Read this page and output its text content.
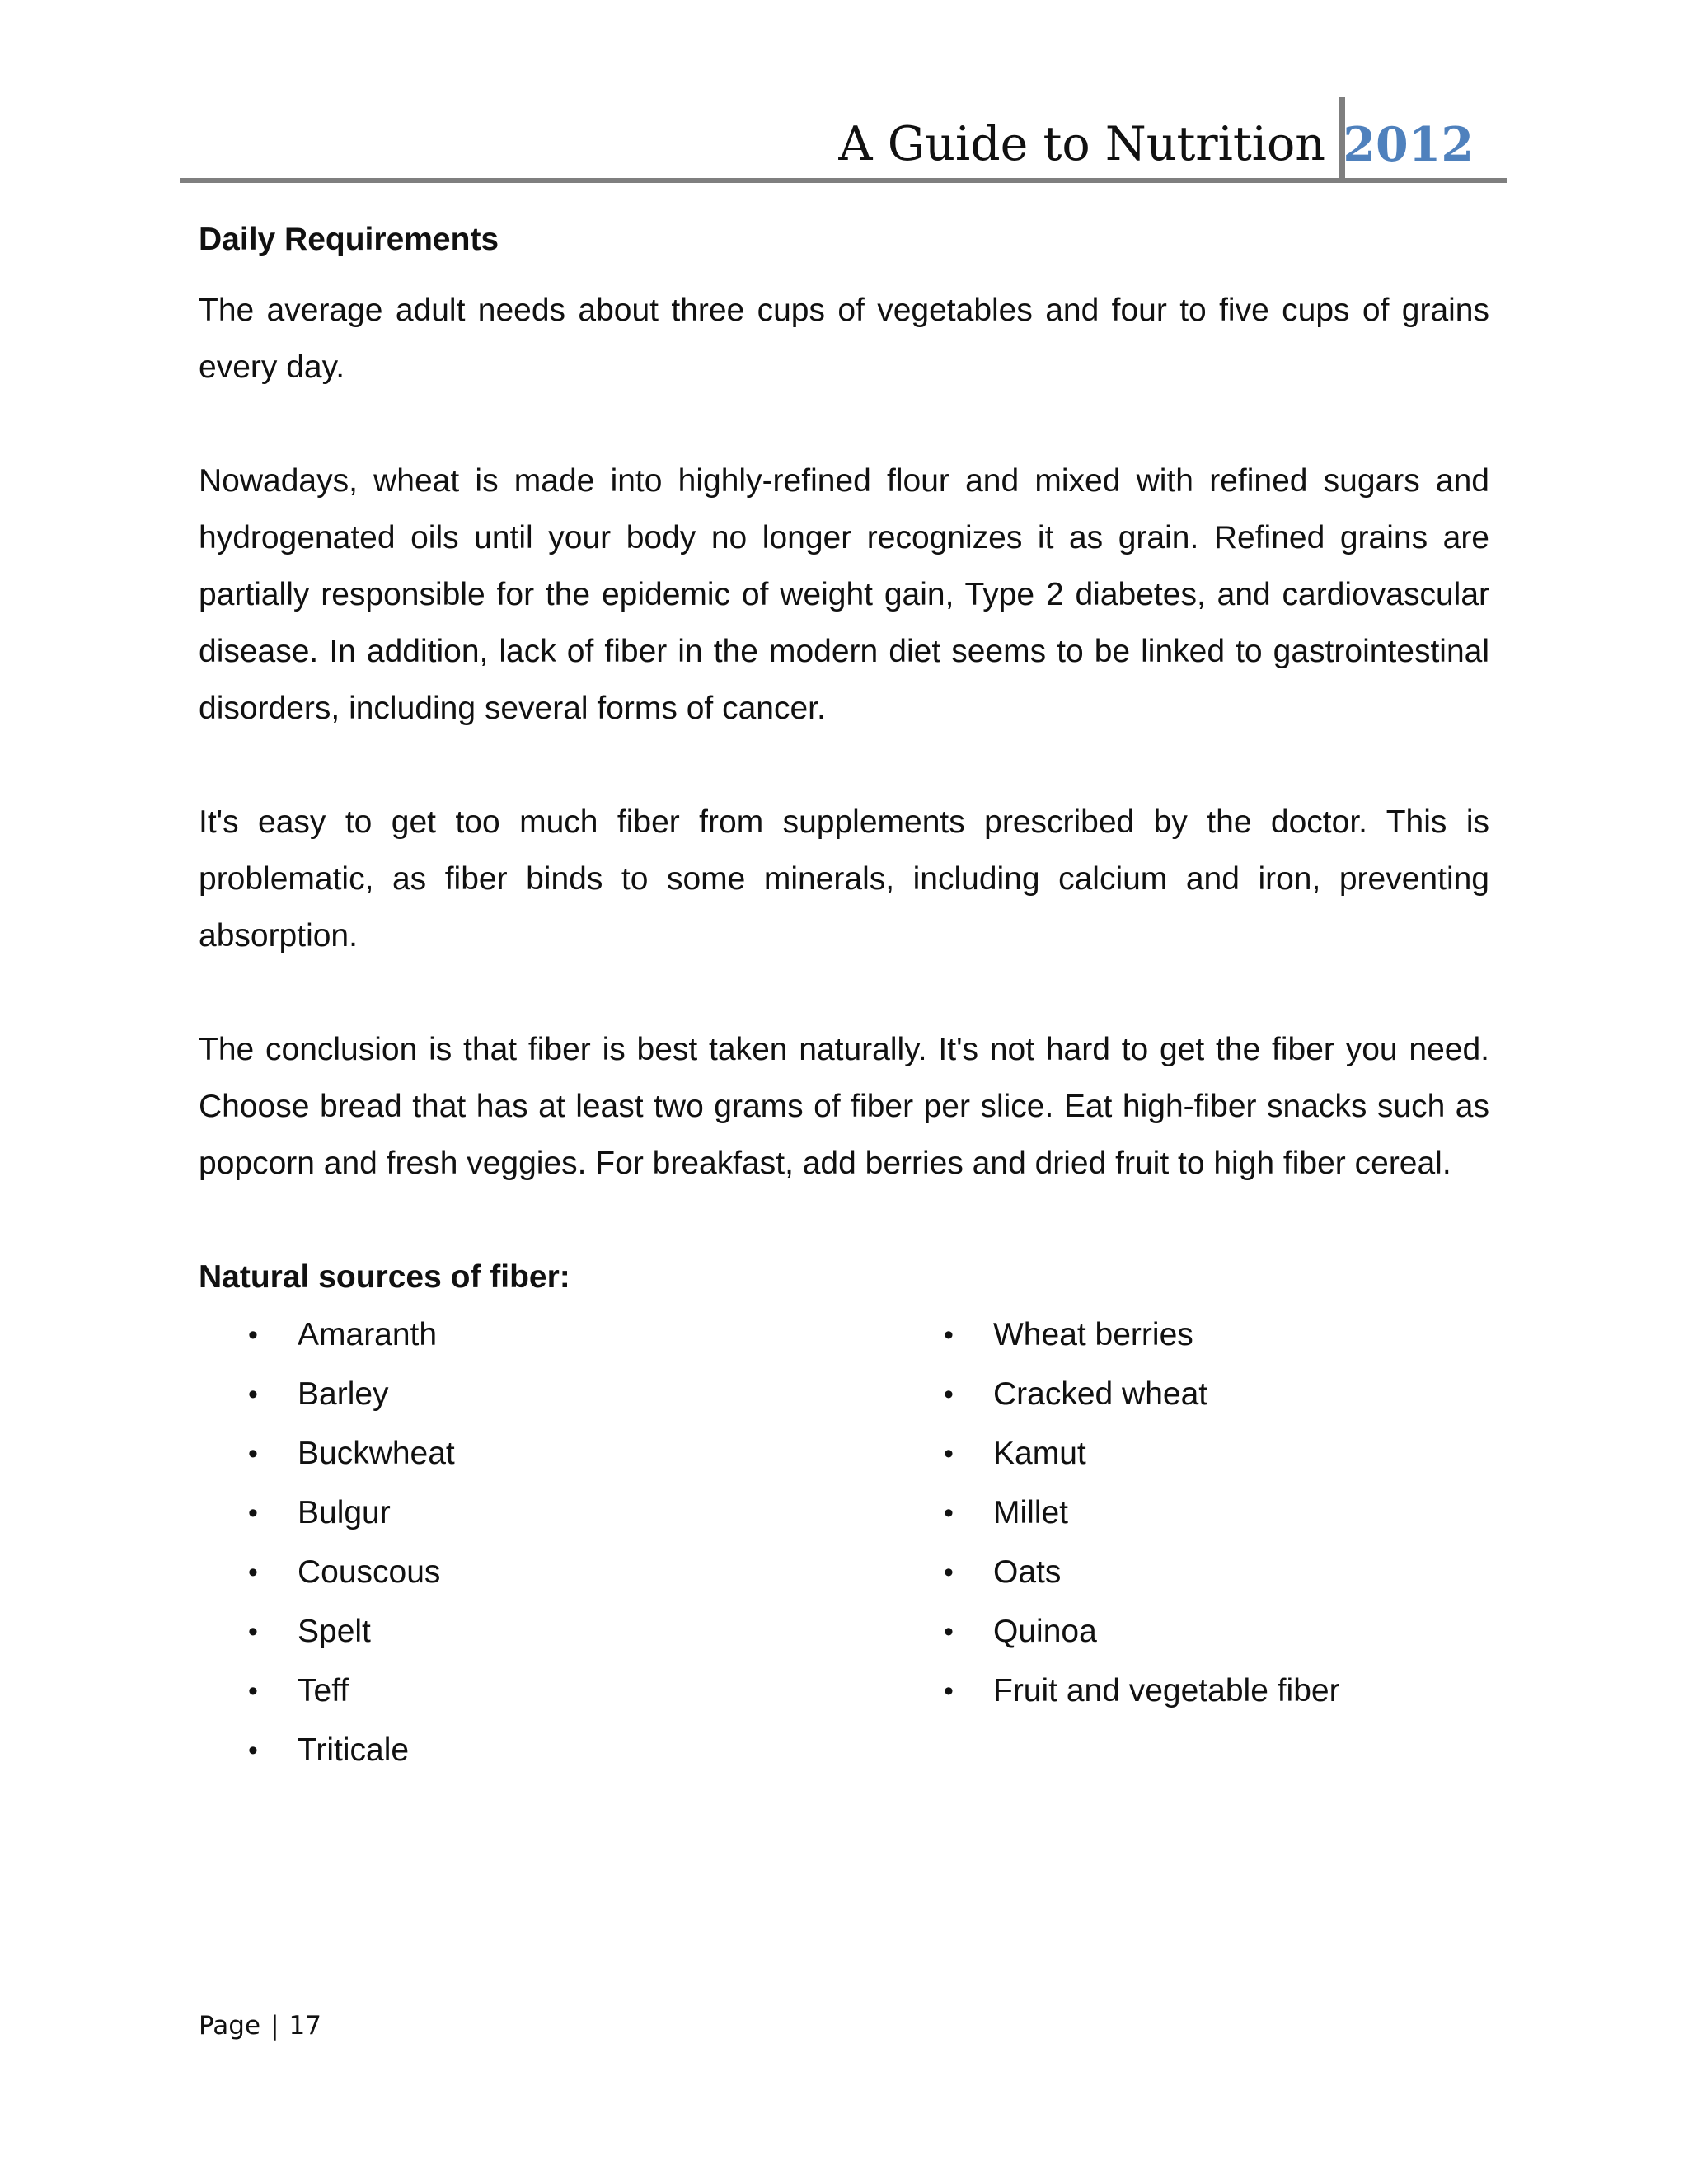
A Guide to Nutrition 2012
Daily Requirements

The average adult needs about three cups of vegetables and four to five cups of grains every day.

Nowadays, wheat is made into highly-refined flour and mixed with refined sugars and hydrogenated oils until your body no longer recognizes it as grain. Refined grains are partially responsible for the epidemic of weight gain, Type 2 diabetes, and cardiovascular disease. In addition, lack of fiber in the modern diet seems to be linked to gastrointestinal disorders, including several forms of cancer.

It's easy to get too much fiber from supplements prescribed by the doctor. This is problematic, as fiber binds to some minerals, including calcium and iron, preventing absorption.

The conclusion is that fiber is best taken naturally. It's not hard to get the fiber you need. Choose bread that has at least two grams of fiber per slice. Eat high-fiber snacks such as popcorn and fresh veggies. For breakfast, add berries and dried fruit to high fiber cereal.

Natural sources of fiber:
•	Amaranth
•	Barley
•	Buckwheat
•	Bulgur
•	Couscous
•	Spelt
•	Teff
•	Triticale
•	Wheat berries
•	Cracked wheat
•	Kamut
•	Millet
•	Oats
•	Quinoa
•	Fruit and vegetable fiber
Page | 17
